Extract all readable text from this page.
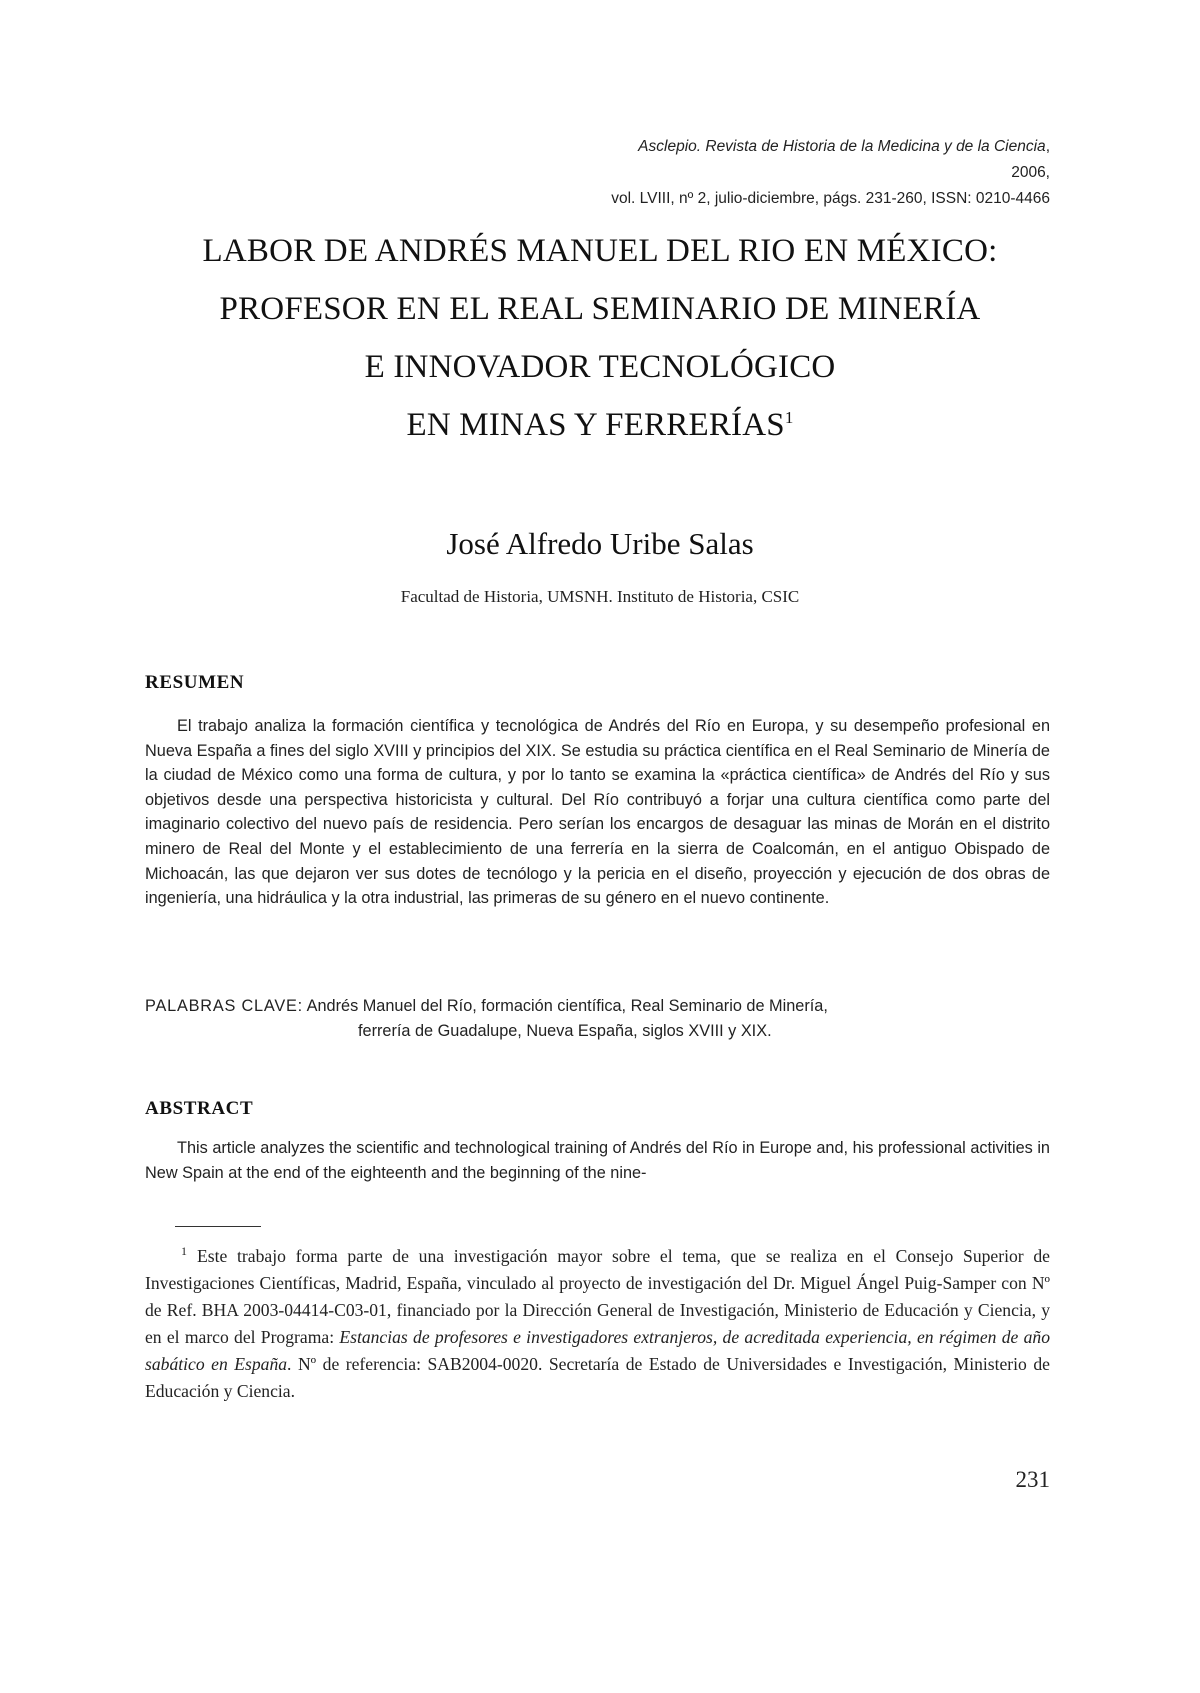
Asclepio. Revista de Historia de la Medicina y de la Ciencia, 2006,
vol. LVIII, nº 2, julio-diciembre, págs. 231-260, ISSN: 0210-4466
LABOR DE ANDRÉS MANUEL DEL RIO EN MÉXICO:
PROFESOR EN EL REAL SEMINARIO DE MINERÍA
E INNOVADOR TECNOLÓGICO
EN MINAS Y FERRERÍAS$^1$
José Alfredo Uribe Salas
Facultad de Historia, UMSNH. Instituto de Historia, CSIC
RESUMEN

El trabajo analiza la formación científica y tecnológica de Andrés del Río en Europa, y su desempeño profesional en Nueva España a fines del siglo XVIII y principios del XIX. Se estudia su práctica científica en el Real Seminario de Minería de la ciudad de México como una forma de cultura, y por lo tanto se examina la «práctica científica» de Andrés del Río y sus objetivos desde una perspectiva historicista y cultural. Del Río contribuyó a forjar una cultura científica como parte del imaginario colectivo del nuevo país de residencia. Pero serían los encargos de desaguar las minas de Morán en el distrito minero de Real del Monte y el establecimiento de una ferrería en la sierra de Coalcomán, en el antiguo Obispado de Michoacán, las que dejaron ver sus dotes de tecnólogo y la pericia en el diseño, proyección y ejecución de dos obras de ingeniería, una hidráulica y la otra industrial, las primeras de su género en el nuevo continente.

PALABRAS CLAVE: Andrés Manuel del Río, formación científica, Real Seminario de Minería,
ferrería de Guadalupe, Nueva España, siglos XVIII y XIX.
ABSTRACT

This article analyzes the scientific and technological training of Andrés del Río in Europe and, his professional activities in New Spain at the end of the eighteenth and the beginning of the nine-

$^1$ Este trabajo forma parte de una investigación mayor sobre el tema, que se realiza en el Consejo Superior de Investigaciones Científicas, Madrid, España, vinculado al proyecto de investigación del Dr. Miguel Ángel Puig-Samper con Nº de Ref. BHA 2003-04414-C03-01, financiado por la Dirección General de Investigación, Ministerio de Educación y Ciencia, y en el marco del Programa: Estancias de profesores e investigadores extranjeros, de acreditada experiencia, en régimen de año sabático en España. Nº de referencia: SAB2004-0020. Secretaría de Estado de Universidades e Investigación, Ministerio de Educación y Ciencia.

231
